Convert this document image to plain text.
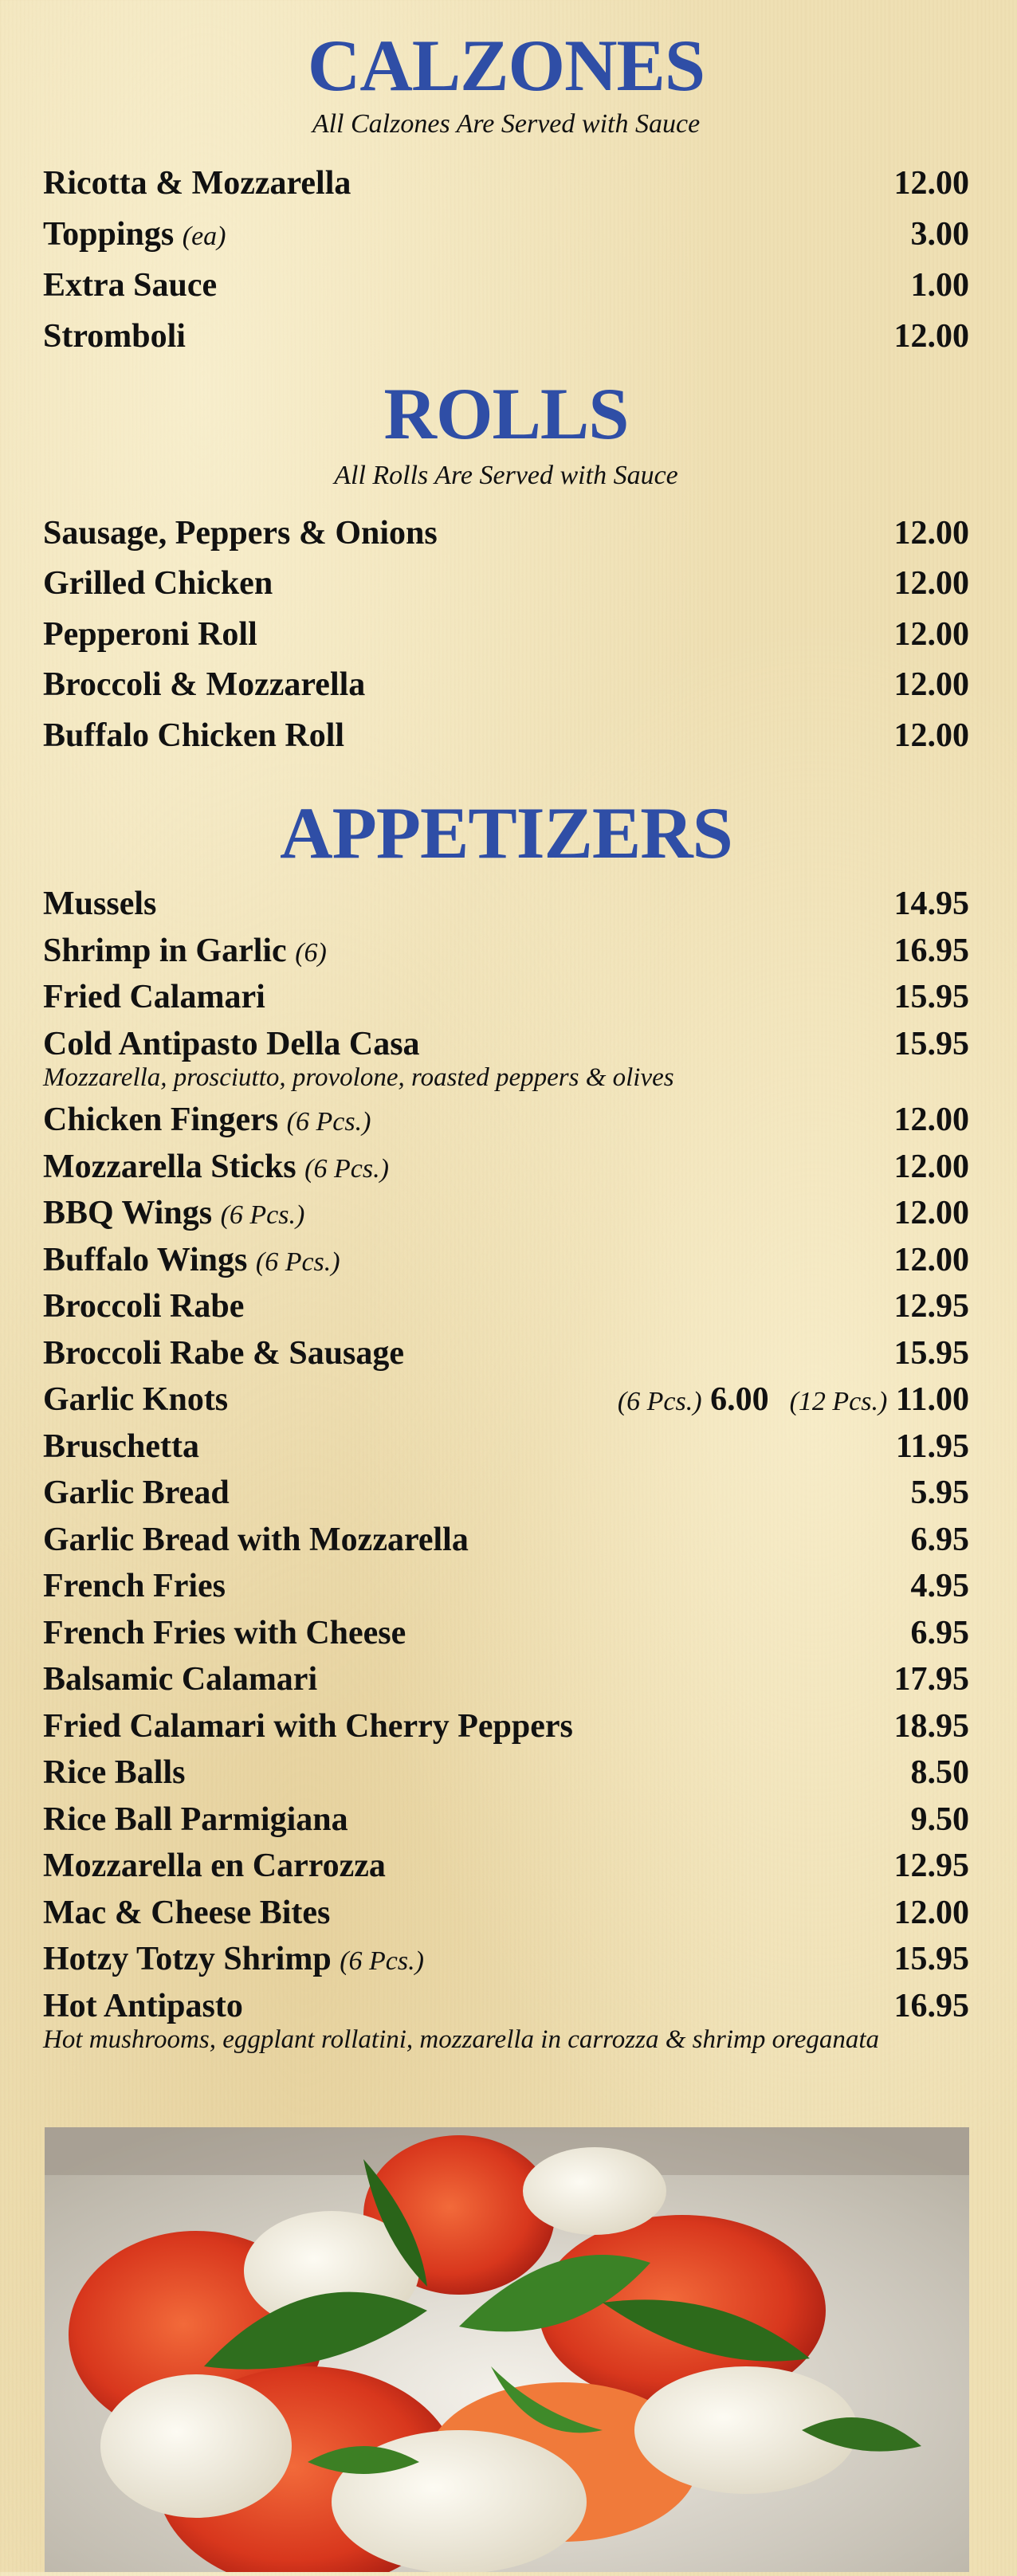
CALZONES
All Calzones Are Served with Sauce
Ricotta & Mozzarella	12.00
Toppings (ea)	3.00
Extra Sauce	1.00
Stromboli	12.00
ROLLS
All Rolls Are Served with Sauce
Sausage, Peppers & Onions	12.00
Grilled Chicken	12.00
Pepperoni Roll	12.00
Broccoli & Mozzarella	12.00
Buffalo Chicken Roll	12.00
APPETIZERS
Mussels	14.95
Shrimp in Garlic (6)	16.95
Fried Calamari	15.95
Cold Antipasto Della Casa	15.95
Mozzarella, prosciutto, provolone, roasted peppers & olives
Chicken Fingers (6 Pcs.)	12.00
Mozzarella Sticks (6 Pcs.)	12.00
BBQ Wings (6 Pcs.)	12.00
Buffalo Wings (6 Pcs.)	12.00
Broccoli Rabe	12.95
Broccoli Rabe & Sausage	15.95
Garlic Knots	(6 Pcs.) 6.00 (12 Pcs.) 11.00
Bruschetta	11.95
Garlic Bread	5.95
Garlic Bread with Mozzarella	6.95
French Fries	4.95
French Fries with Cheese	6.95
Balsamic Calamari	17.95
Fried Calamari with Cherry Peppers	18.95
Rice Balls	8.50
Rice Ball Parmigiana	9.50
Mozzarella en Carrozza	12.95
Mac & Cheese Bites	12.00
Hotzy Totzy Shrimp (6 Pcs.)	15.95
Hot Antipasto	16.95
Hot mushrooms, eggplant rollatini, mozzarella in carrozza & shrimp oreganata
